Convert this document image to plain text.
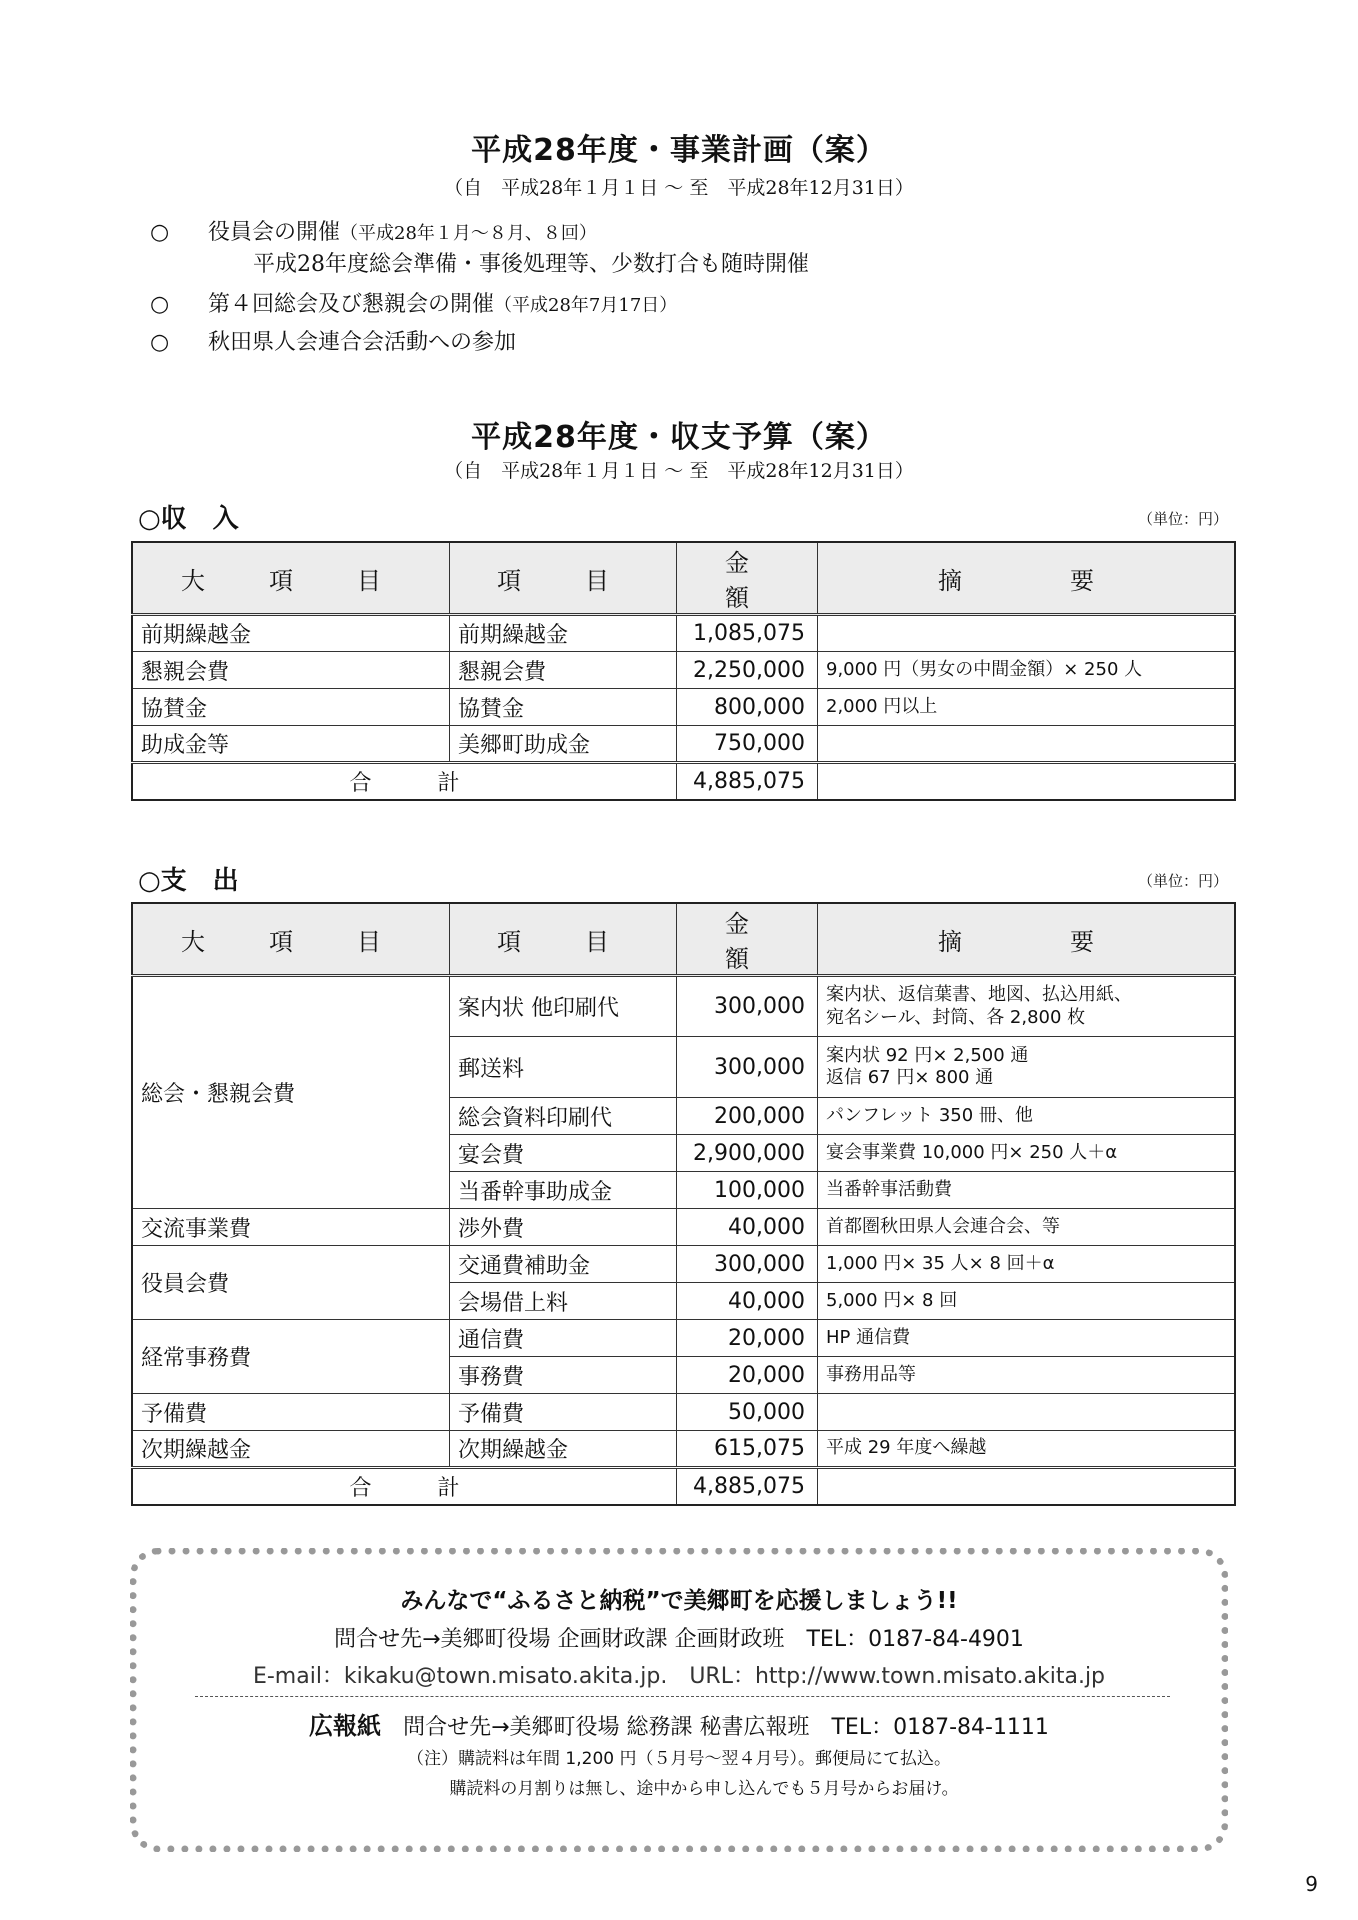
平成28年度・事業計画（案）
（自　平成28年１月１日 ～ 至　平成28年12月31日）
○ 役員会の開催（平成28年１月～８月、８回）
平成28年度総会準備・事後処理等、少数打合も随時開催
○ 第４回総会及び懇親会の開催（平成28年7月17日）
○ 秋田県人会連合会活動への参加
平成28年度・収支予算（案）
（自　平成28年１月１日 ～ 至　平成28年12月31日）
○収　入	（単位：円）
大　項　目	項　目	金　額	摘　　要
前期繰越金	前期繰越金	1,085,075	
懇親会費	懇親会費	2,250,000	9,000 円（男女の中間金額）× 250 人
協賛金	協賛金	800,000	2,000 円以上
助成金等	美郷町助成金	750,000	
合　　　計		4,885,075	
○支　出	（単位：円）
大　項　目	項　目	金　額	摘　　要
総会・懇親会費	案内状 他印刷代	300,000	案内状、返信葉書、地図、払込用紙、
宛名シール、封筒、各 2,800 枚

	郵送料	300,000	案内状 92 円× 2,500 通
返信 67 円× 800 通

	総会資料印刷代	200,000	パンフレット 350 冊、他
	宴会費	2,900,000	宴会事業費 10,000 円× 250 人＋α
	当番幹事助成金	100,000	当番幹事活動費
交流事業費	渉外費	40,000	首都圏秋田県人会連合会、等
役員会費	交通費補助金	300,000	1,000 円× 35 人× 8 回＋α
	会場借上料	40,000	5,000 円× 8 回
経常事務費	通信費	20,000	HP 通信費
	事務費	20,000	事務用品等
予備費	予備費	50,000	
次期繰越金	次期繰越金	615,075	平成 29 年度へ繰越
合　　　計		4,885,075	
みんなで“ふるさと納税”で美郷町を応援しましょう!!
問合せ先→美郷町役場 企画財政課 企画財政班　TEL：0187-84-4901
E-mail：kikaku@town.misato.akita.jp.　URL：http://www.town.misato.akita.jp
広報紙　 問合せ先→美郷町役場 総務課 秘書広報班　TEL：0187-84-1111
（注）購読料は年間 1,200 円（５月号～翌４月号）。郵便局にて払込。
購読料の月割りは無し、途中から申し込んでも５月号からお届け。
9
